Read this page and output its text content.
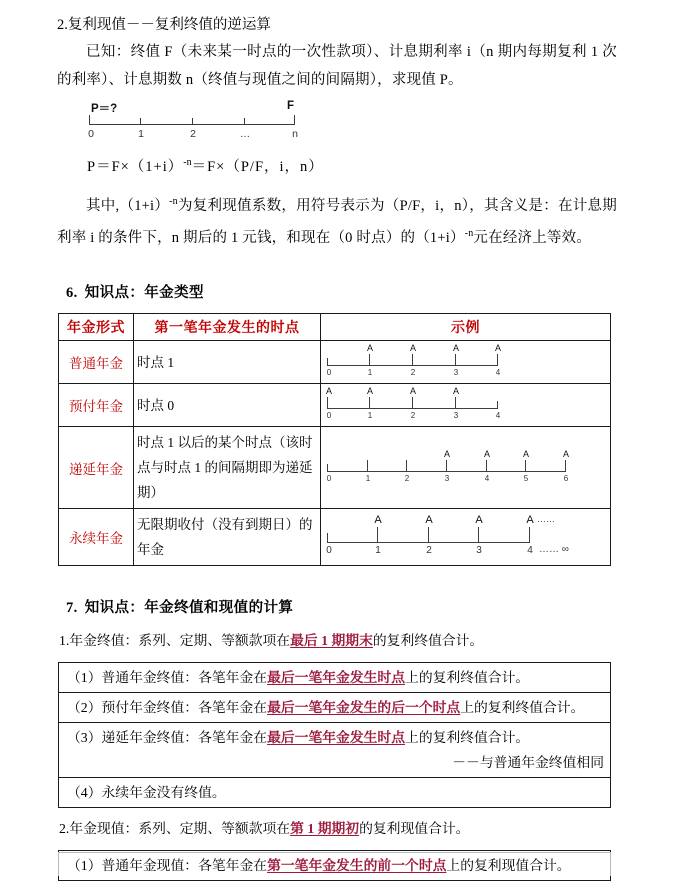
2.复利现值－－复利终值的逆运算

已知：终值 F（未来某一时点的一次性款项）、计息期利率 i（n 期内每期复利 1 次的利率）、计息期数 n（终值与现值之间的间隔期），求现值 P。

P＝?	F
0	1	2	…	n
$P=F\times(1+i)^{-n}=F\times(P/F$，i，n）

其中$,(1+i)^{-n}$为复利现值系数，用符号表示为（P/F，i，n），其含义是：在计息期利率 i 的条件下，n 期后的 1 元钱，和现在（0 时点）的$(1+i)^{-n}$元在经济上等效。

6. 知识点：年金类型

年金形式	第一笔年金发生的时点	示例
普通年金	时点 1	
A	A	A	A
0	1	2	3	4

预付年金	时点 0	
A	A	A	A
0	1	2	3	4

递延年金	时点 1 以后的某个时点（该时点与时点 1 的间隔期即为递延期）	
A	A	A	A
0	1	2	3	4	5	6

永续年金	无限期收付（没有到期日）的年金	
A	A	A	A ……
0	1	2	3	4 …… ∞

7. 知识点：年金终值和现值的计算

1.年金终值：系列、定期、等额款项在最后 1 期期末的复利终值合计。

（1）普通年金终值：各笔年金在最后一笔年金发生时点上的复利终值合计。
（2）预付年金终值：各笔年金在最后一笔年金发生的后一个时点上的复利终值合计。
（3）递延年金终值：各笔年金在最后一笔年金发生时点上的复利终值合计。
－－与普通年金终值相同
（4）永续年金没有终值。

2.年金现值：系列、定期、等额款项在第 1 期期初的复利现值合计。

（1）普通年金现值：各笔年金在第一笔年金发生的前一个时点上的复利现值合计。
